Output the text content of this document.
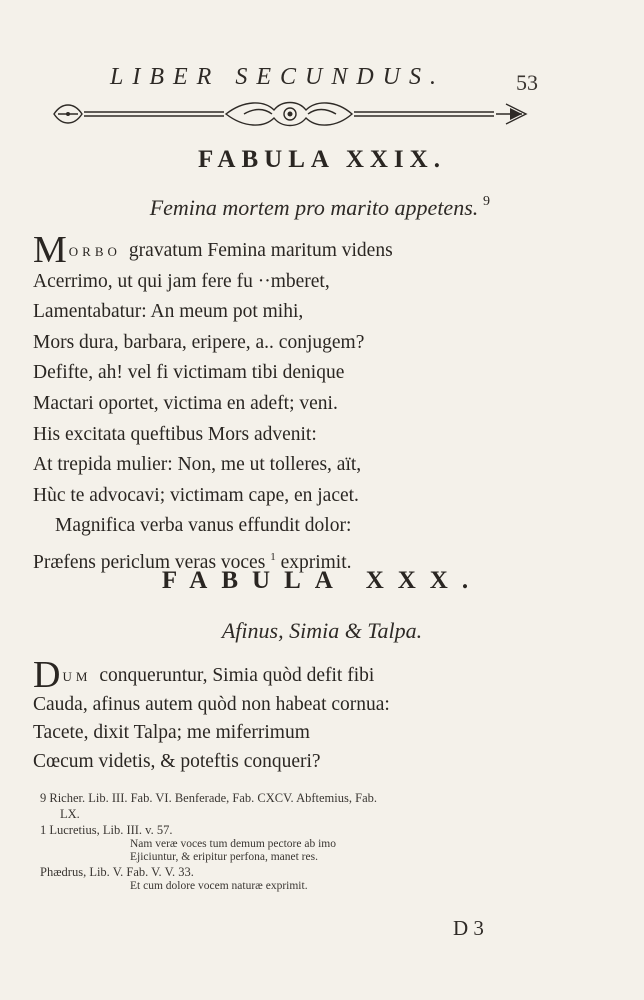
LIBER SECUNDUS.	53
FABULA XXIX.
Femina mortem pro marito appetens. 9
MORBO gravatum Femina maritum videns
Acerrimo, ut qui jam fere fu ··mberet,
Lamentabatur: An meum pot mihi,
Mors dura, barbara, eripere, a.. conjugem?
Defifte, ah! vel fi victimam tibi denique
Mactari oportet, victima en adeft; veni.
His excitata queftibus Mors advenit:
At trepida mulier: Non, me ut tolleres, aït,
Hùc te advocavi; victimam cape, en jacet.
Magnifica verba vanus effundit dolor:
Præfens periclum veras voces $^1$ exprimit.
FABULA XXX.
Afinus, Simia & Talpa.
DUM conqueruntur, Simia quòd defit fibi
Cauda, afinus autem quòd non habeat cornua:
Tacete, dixit Talpa; me miferrimum
Cœcum videtis, & poteftis conqueri?
9 Richer. Lib. III. Fab. VI. Benferade, Fab. CXCV. Abftemius, Fab.
LX.
1 Lucretius, Lib. III. v. 57.
Nam veræ voces tum demum pectore ab imo
Ejiciuntur, & eripitur perfona, manet res.
Phædrus, Lib. V. Fab. V. V. 33.
Et cum dolore vocem naturæ exprimit.
D 3
